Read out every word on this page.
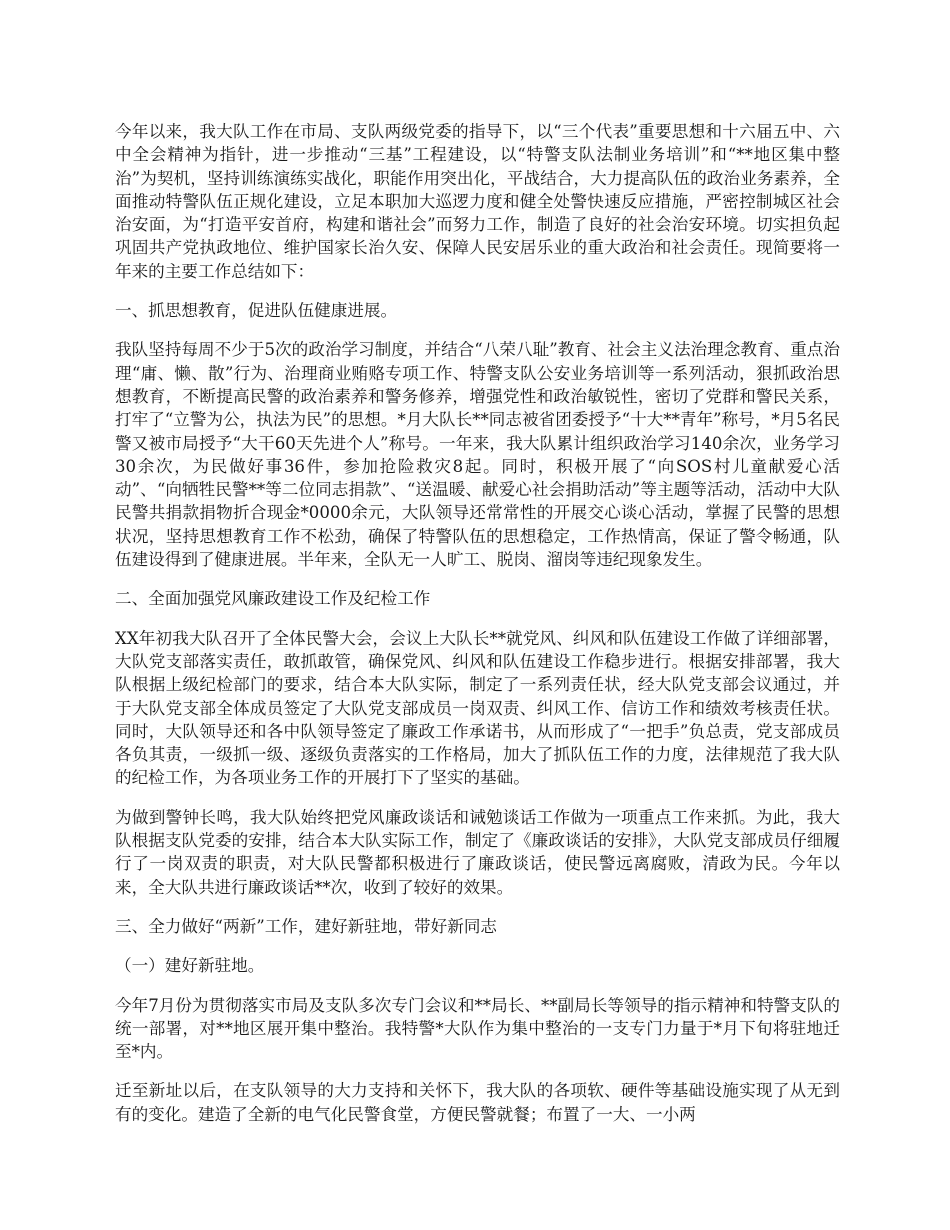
今年以来，我大队工作在市局、支队两级党委的指导下，以“三个代表”重要思想和十六届五中、六中全会精神为指针，进一步推动“三基”工程建设，以“特警支队法制业务培训”和“**地区集中整治”为契机，坚持训练演练实战化，职能作用突出化，平战结合，大力提高队伍的政治业务素养，全面推动特警队伍正规化建设，立足本职加大巡逻力度和健全处警快速反应措施，严密控制城区社会治安面，为“打造平安首府，构建和谐社会”而努力工作，制造了良好的社会治安环境。切实担负起巩固共产党执政地位、维护国家长治久安、保障人民安居乐业的重大政治和社会责任。现简要将一年来的主要工作总结如下：

一、抓思想教育，促进队伍健康进展。

我队坚持每周不少于5次的政治学习制度，并结合“八荣八耻”教育、社会主义法治理念教育、重点治理“庸、懒、散”行为、治理商业贿赂专项工作、特警支队公安业务培训等一系列活动，狠抓政治思想教育，不断提高民警的政治素养和警务修养，增强党性和政治敏锐性，密切了党群和警民关系，打牢了“立警为公，执法为民”的思想。*月大队长**同志被省团委授予“十大**青年”称号，*月5名民警又被市局授予“大干60天先进个人”称号。一年来，我大队累计组织政治学习140余次，业务学习30余次，为民做好事36件，参加抢险救灾8起。同时，积极开展了“向SOS村儿童献爱心活动”、“向牺牲民警**等二位同志捐款”、“送温暖、献爱心社会捐助活动”等主题等活动，活动中大队民警共捐款捐物折合现金*0000余元，大队领导还常常性的开展交心谈心活动，掌握了民警的思想状况，坚持思想教育工作不松劲，确保了特警队伍的思想稳定，工作热情高，保证了警令畅通，队伍建设得到了健康进展。半年来，全队无一人旷工、脱岗、溜岗等违纪现象发生。

二、全面加强党风廉政建设工作及纪检工作

XX年初我大队召开了全体民警大会，会议上大队长**就党风、纠风和队伍建设工作做了详细部署，大队党支部落实责任，敢抓敢管，确保党风、纠风和队伍建设工作稳步进行。根据安排部署，我大队根据上级纪检部门的要求，结合本大队实际，制定了一系列责任状，经大队党支部会议通过，并于大队党支部全体成员签定了大队党支部成员一岗双责、纠风工作、信访工作和绩效考核责任状。同时，大队领导还和各中队领导签定了廉政工作承诺书，从而形成了“一把手”负总责，党支部成员各负其责，一级抓一级、逐级负责落实的工作格局，加大了抓队伍工作的力度，法律规范了我大队的纪检工作，为各项业务工作的开展打下了坚实的基础。

为做到警钟长鸣，我大队始终把党风廉政谈话和诫勉谈话工作做为一项重点工作来抓。为此，我大队根据支队党委的安排，结合本大队实际工作，制定了《廉政谈话的安排》，大队党支部成员仔细履行了一岗双责的职责，对大队民警都积极进行了廉政谈话，使民警远离腐败，清政为民。今年以来，全大队共进行廉政谈话**次，收到了较好的效果。

三、全力做好“两新”工作，建好新驻地，带好新同志

（一）建好新驻地。

今年7月份为贯彻落实市局及支队多次专门会议和**局长、**副局长等领导的指示精神和特警支队的统一部署，对**地区展开集中整治。我特警*大队作为集中整治的一支专门力量于*月下旬将驻地迁至*内。

迁至新址以后，在支队领导的大力支持和关怀下，我大队的各项软、硬件等基础设施实现了从无到有的变化。建造了全新的电气化民警食堂，方便民警就餐；布置了一大、一小两
